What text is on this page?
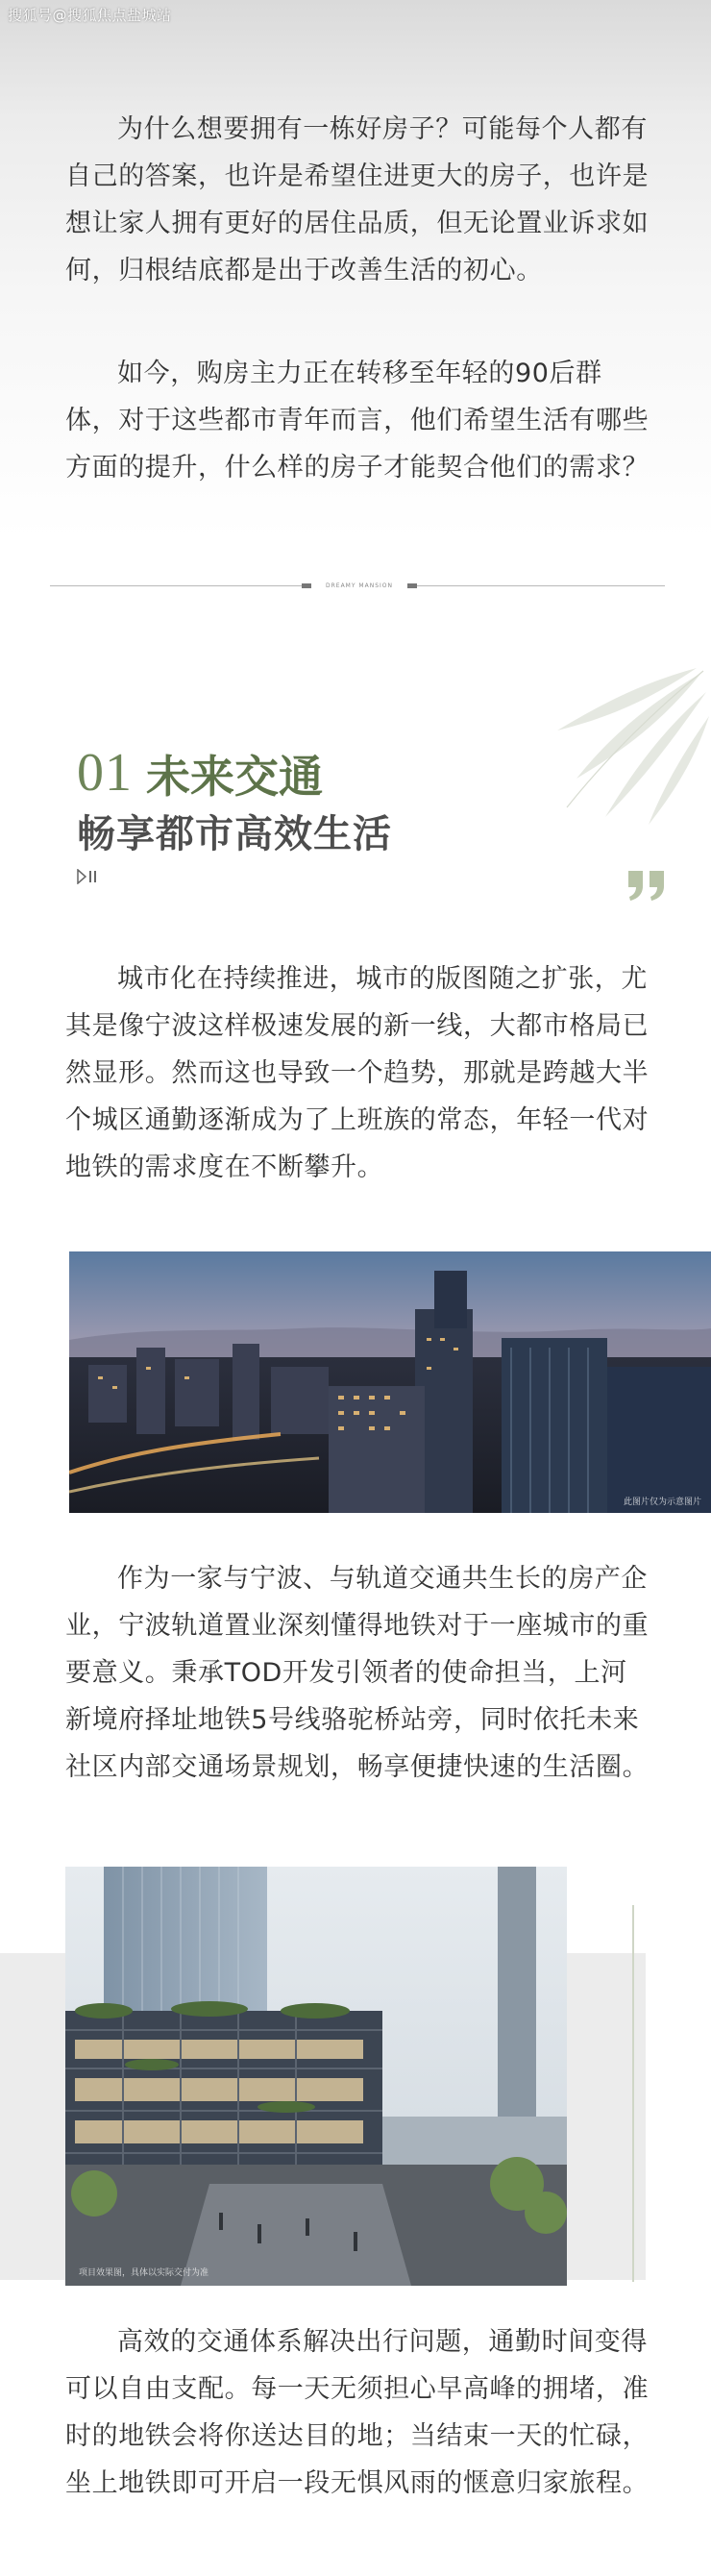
搜狐号@搜狐焦点盐城站

为什么想要拥有一栋好房子？可能每个人都有自己的答案，也许是希望住进更大的房子，也许是想让家人拥有更好的居住品质，但无论置业诉求如何，归根结底都是出于改善生活的初心。

如今，购房主力正在转移至年轻的90后群体，对于这些都市青年而言，他们希望生活有哪些方面的提升，什么样的房子才能契合他们的需求？

DREAMY MANSION
01 未来交通
畅享都市高效生活

城市化在持续推进，城市的版图随之扩张，尤其是像宁波这样极速发展的新一线，大都市格局已然显形。然而这也导致一个趋势，那就是跨越大半个城区通勤逐渐成为了上班族的常态，年轻一代对地铁的需求度在不断攀升。

此图片仅为示意图片

作为一家与宁波、与轨道交通共生长的房产企业，宁波轨道置业深刻懂得地铁对于一座城市的重要意义。秉承TOD开发引领者的使命担当，上河新境府择址地铁5号线骆驼桥站旁，同时依托未来社区内部交通场景规划，畅享便捷快速的生活圈。

项目效果图，具体以实际交付为准

高效的交通体系解决出行问题，通勤时间变得可以自由支配。每一天无须担心早高峰的拥堵，准时的地铁会将你送达目的地；当结束一天的忙碌，坐上地铁即可开启一段无惧风雨的惬意归家旅程。
